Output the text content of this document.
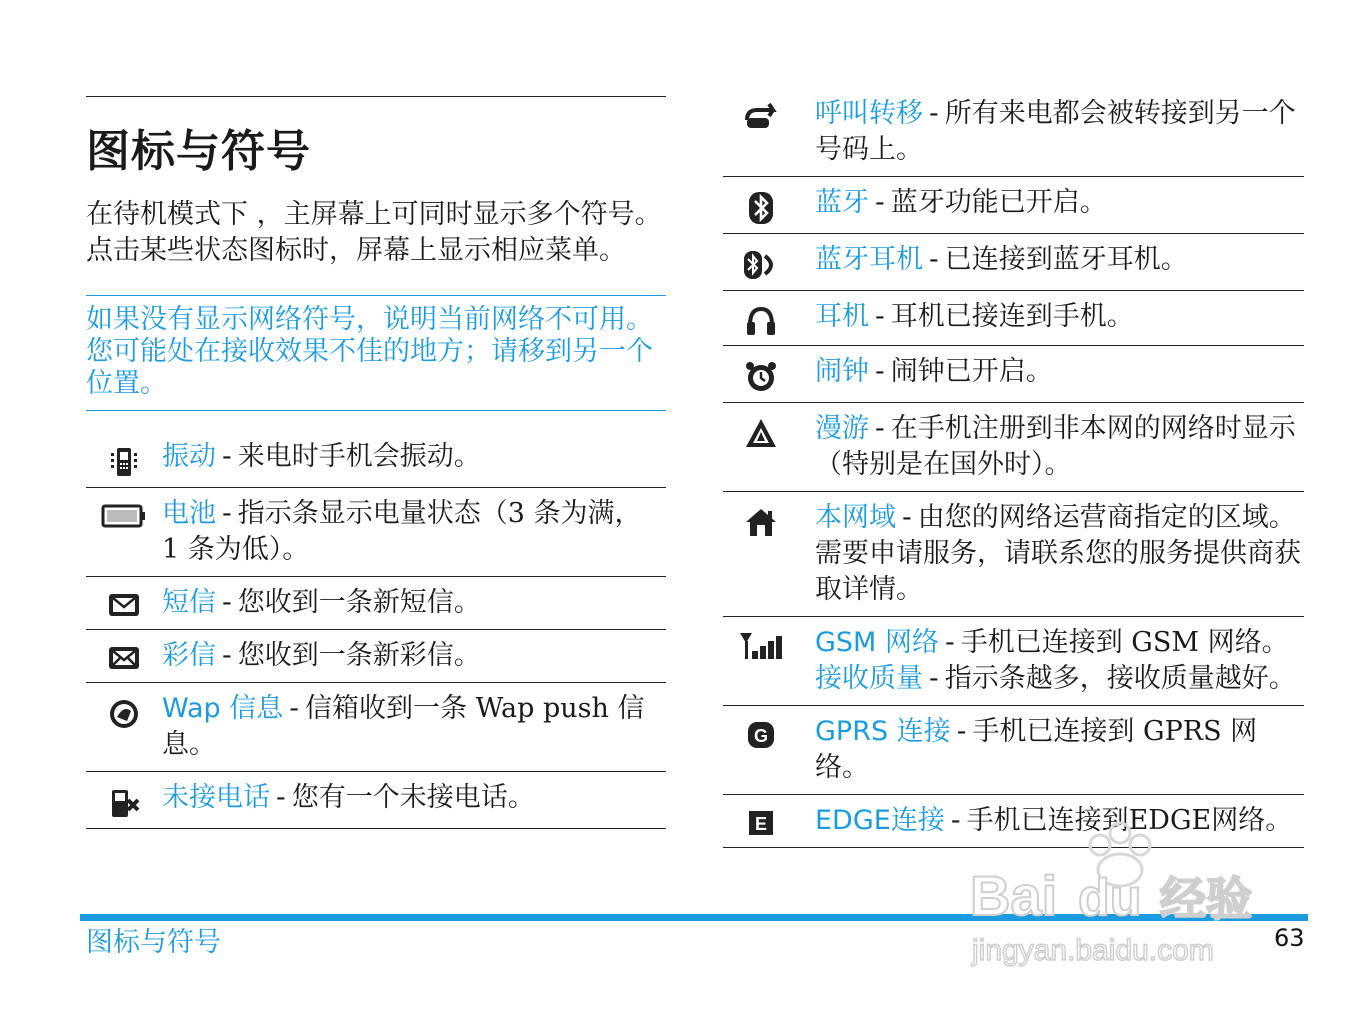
图标与符号

在待机模式下 ，主屏幕上可同时显示多个符号。点击某些状态图标时，屏幕上显示相应菜单。

如果没有显示网络符号，说明当前网络不可用。您可能处在接收效果不佳的地方；请移到另一个位置。
振动 - 来电时手机会振动。
电池 - 指示条显示电量状态（3 条为满， 1 条为低）。
短信 - 您收到一条新短信。
彩信 - 您收到一条新彩信。
Wap 信息 - 信箱收到一条 Wap push 信息。
未接电话 - 您有一个未接电话。
呼叫转移 - 所有来电都会被转接到另一个号码上。
蓝牙 - 蓝牙功能已开启。
蓝牙耳机 - 已连接到蓝牙耳机。
耳机 - 耳机已接连到手机。
闹钟 - 闹钟已开启。
漫游 - 在手机注册到非本网的网络时显示（特别是在国外时）。
本网域 - 由您的网络运营商指定的区域。需要申请服务，请联系您的服务提供商获取详情。
GSM 网络 - 手机已连接到 GSM 网络。
接收质量 - 指示条越多，接收质量越好。
G	GPRS 连接 - 手机已连接到 GPRS 网络。
E	EDGE连接 - 手机已连接到EDGE网络。
图标与符号	63
Bai du 经验
jingyan.baidu.com
